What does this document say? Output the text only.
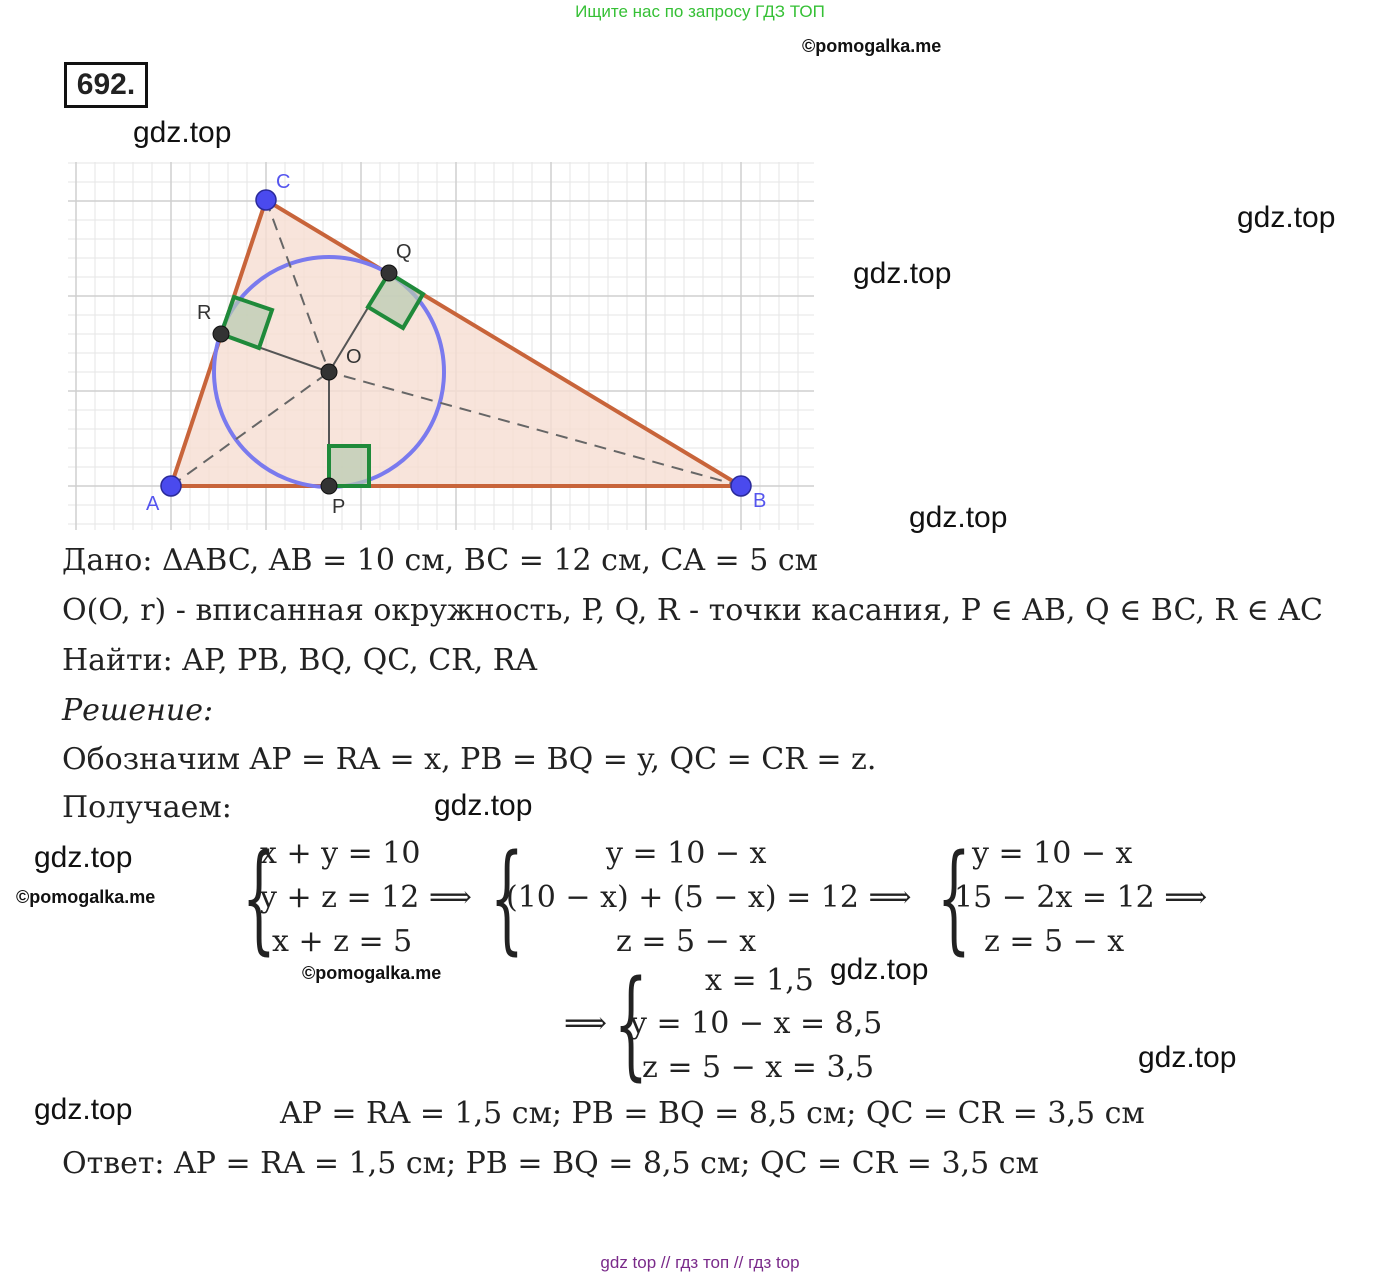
Ищите нас по запросу ГДЗ ТОП
©pomogalka.me
692.
gdz.top
gdz.top
gdz.top
gdz.top
A	B
C
O
P
Q
R
Дано: ΔABC, AB = 10 см, BC = 12 см, CA = 5 см
O(O, r) - вписанная окружность, P, Q, R - точки касания, P ∈ AB, Q ∈ BC, R ∈ AC
Найти: AP, PB, BQ, QC, CR, RA
Решение:
Обозначим AP = RA = x, PB = BQ = y, QC = CR = z.
Получаем:	gdz.top
gdz.top
©pomogalka.me {
x + y = 10
y + z = 12 ⟹
x + z = 5 {	y = 10 − x
(10 − x) + (5 − x) = 12 ⟹
z = 5 − x { y = 10 − x
15 − 2x = 12 ⟹
z = 5 − x
©pomogalka.me	gdz.top
⟹ { x = 1,5
y = 10 − x = 8,5
z = 5 − x = 3,5	gdz.top
gdz.top	AP = RA = 1,5 см; PB = BQ = 8,5 см; QC = CR = 3,5 см
Ответ: AP = RA = 1,5 см; PB = BQ = 8,5 см; QC = CR = 3,5 см
gdz top // гдз топ // гдз top
